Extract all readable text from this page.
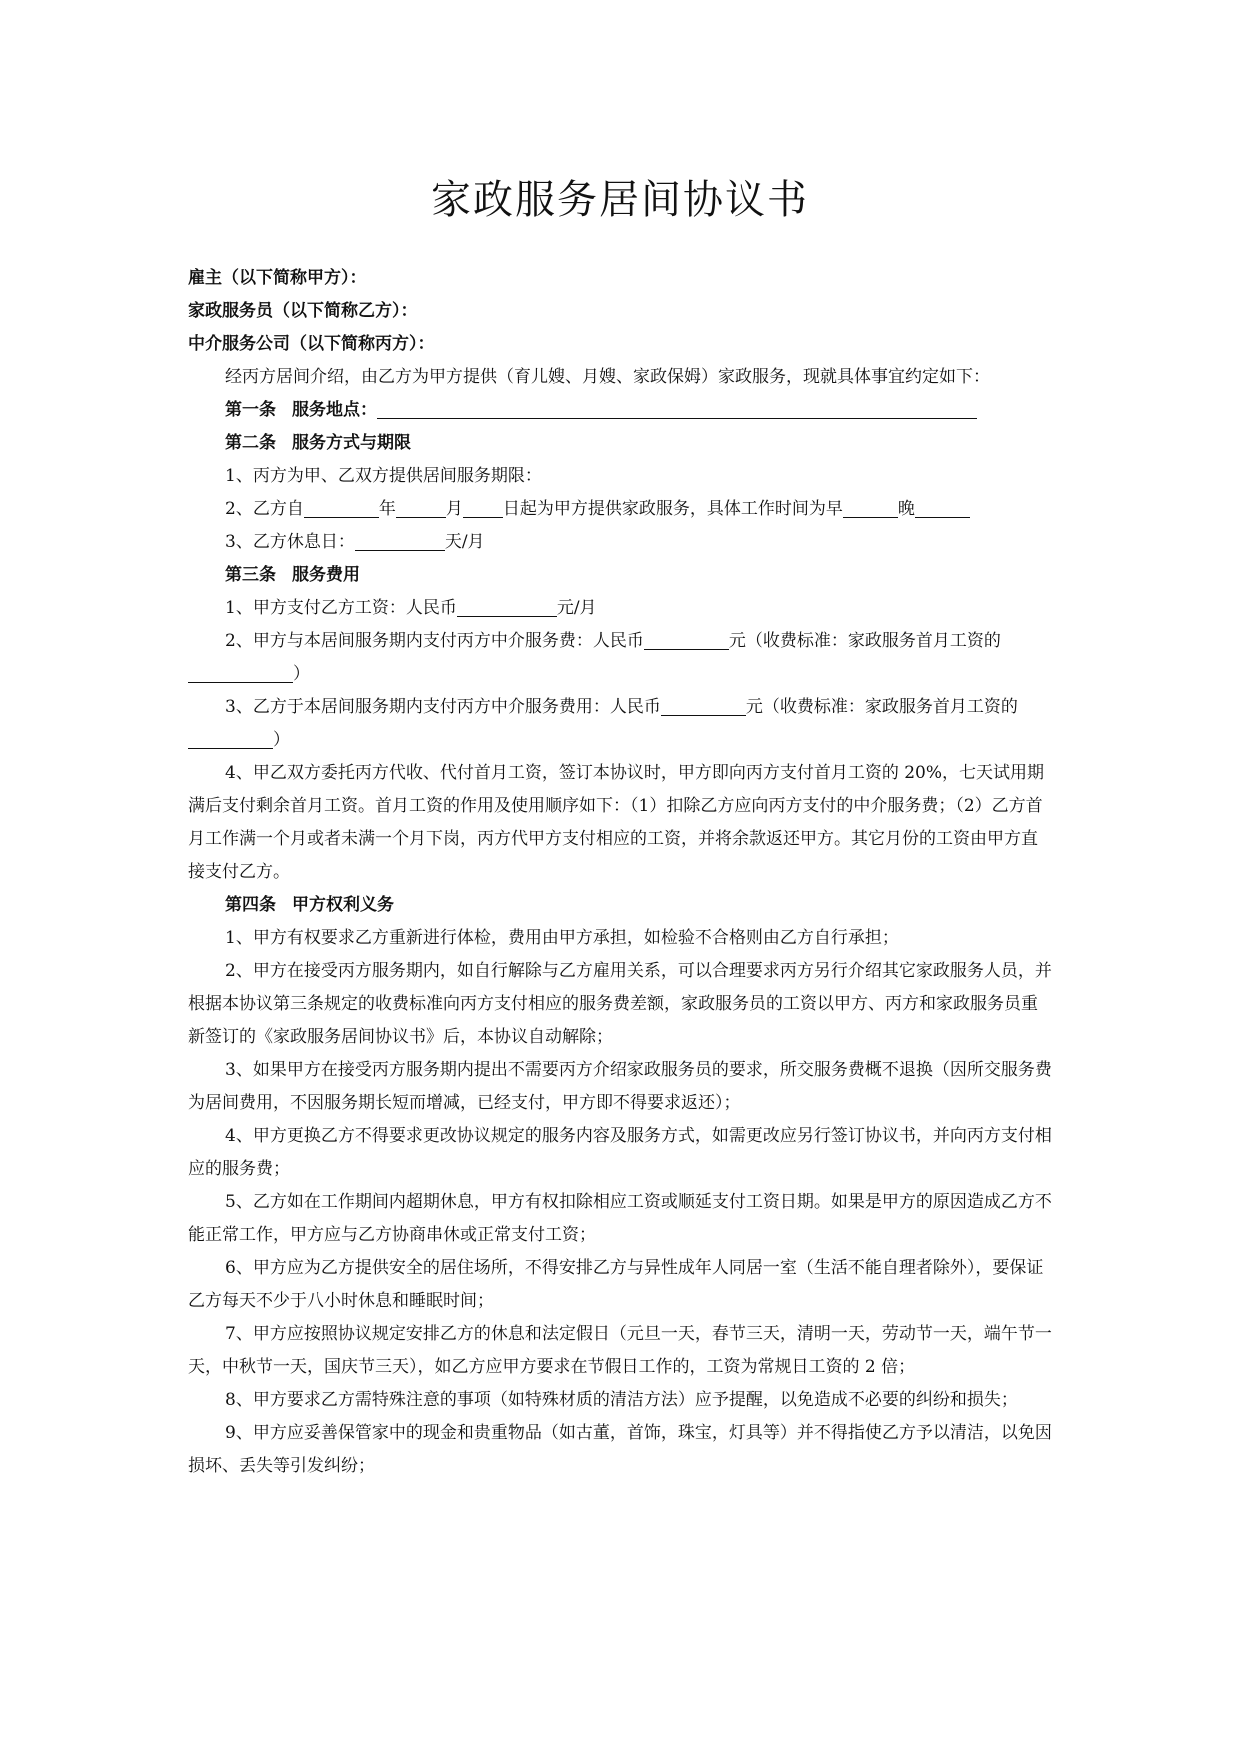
家政服务居间协议书

雇主（以下简称甲方）：

家政服务员（以下简称乙方）：

中介服务公司（以下简称丙方）：

经丙方居间介绍，由乙方为甲方提供（育儿嫂、月嫂、家政保姆）家政服务，现就具体事宜约定如下：

第一条 服务地点：

第二条 服务方式与期限

1、丙方为甲、乙双方提供居间服务期限：

2、乙方自	年	月 日起为甲方提供家政服务，具体工作时间为早	晚

3、乙方休息日：	天/月

第三条 服务费用

1、甲方支付乙方工资：人民币	元/月

2、甲方与本居间服务期内支付丙方中介服务费：人民币	元（收费标准：家政服务首月工资的）

3、乙方于本居间服务期内支付丙方中介服务费用：人民币	元（收费标准：家政服务首月工资的）

4、甲乙双方委托丙方代收、代付首月工资，签订本协议时，甲方即向丙方支付首月工资的 20%，七天试用期满后支付剩余首月工资。首月工资的作用及使用顺序如下：（1）扣除乙方应向丙方支付的中介服务费；（2）乙方首月工作满一个月或者未满一个月下岗，丙方代甲方支付相应的工资，并将余款返还甲方。其它月份的工资由甲方直接支付乙方。

第四条 甲方权利义务

1、甲方有权要求乙方重新进行体检，费用由甲方承担，如检验不合格则由乙方自行承担；

2、甲方在接受丙方服务期内，如自行解除与乙方雇用关系，可以合理要求丙方另行介绍其它家政服务人员，并根据本协议第三条规定的收费标准向丙方支付相应的服务费差额，家政服务员的工资以甲方、丙方和家政服务员重新签订的《家政服务居间协议书》后，本协议自动解除；

3、如果甲方在接受丙方服务期内提出不需要丙方介绍家政服务员的要求，所交服务费概不退换（因所交服务费为居间费用，不因服务期长短而增减，已经支付，甲方即不得要求返还）；

4、甲方更换乙方不得要求更改协议规定的服务内容及服务方式，如需更改应另行签订协议书，并向丙方支付相应的服务费；

5、乙方如在工作期间内超期休息，甲方有权扣除相应工资或顺延支付工资日期。如果是甲方的原因造成乙方不能正常工作，甲方应与乙方协商串休或正常支付工资；

6、甲方应为乙方提供安全的居住场所，不得安排乙方与异性成年人同居一室（生活不能自理者除外），要保证乙方每天不少于八小时休息和睡眠时间；

7、甲方应按照协议规定安排乙方的休息和法定假日（元旦一天，春节三天，清明一天，劳动节一天，端午节一天，中秋节一天，国庆节三天），如乙方应甲方要求在节假日工作的，工资为常规日工资的 2 倍；

8、甲方要求乙方需特殊注意的事项（如特殊材质的清洁方法）应予提醒，以免造成不必要的纠纷和损失；

9、甲方应妥善保管家中的现金和贵重物品（如古董，首饰，珠宝，灯具等）并不得指使乙方予以清洁，以免因损坏、丢失等引发纠纷；
